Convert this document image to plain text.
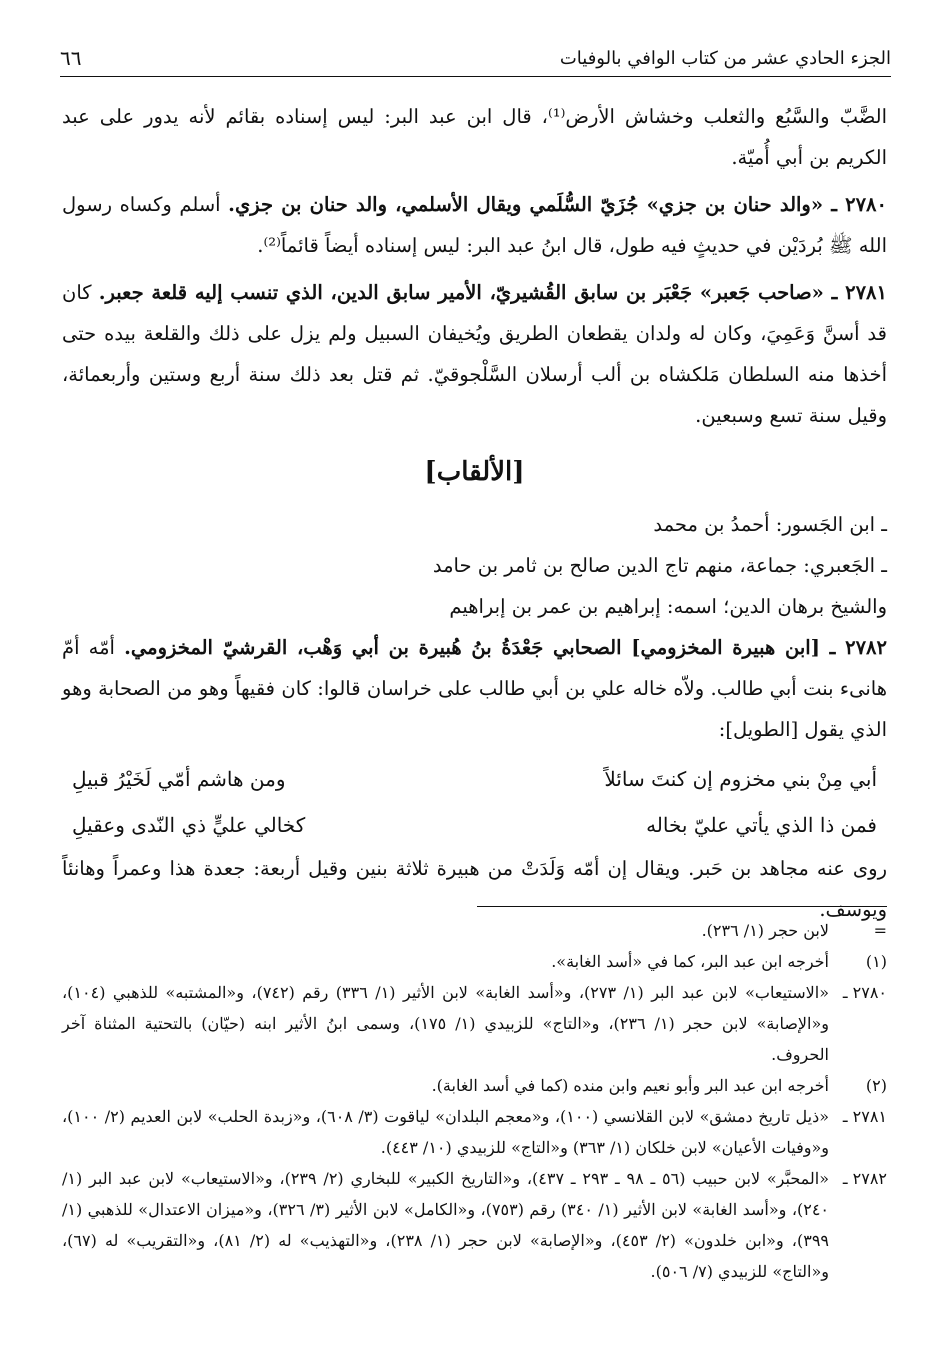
الجزء الحادي عشر من كتاب الوافي بالوفيات
٦٦

الضَّبّ والسَّبُع والثعلب وخشاش الأرض⁽¹⁾، قال ابن عبد البر: ليس إسناده بقائم لأنه يدور على عبد الكريم بن أبي أُميّة.

٢٧٨٠ ـ «والد حنان بن جزي» جُزَيّ السُّلَمي ويقال الأسلمي، والد حنان بن جزي. أسلم وكساه رسول الله ﷺ بُردَيْن في حديثٍ فيه طول، قال ابنُ عبد البر: ليس إسناده أيضاً قائماً⁽²⁾.

٢٧٨١ ـ «صاحب جَعبر» جَعْبَر بن سابق القُشيريّ، الأمير سابق الدين، الذي تنسب إليه قلعة جعبر. كان قد أسنَّ وَعَمِيَ، وكان له ولدان يقطعان الطريق ويُخيفان السبيل ولم يزل على ذلك والقلعة بيده حتى أخذها منه السلطان مَلكشاه بن ألب أرسلان السَّلْجوقيّ. ثم قتل بعد ذلك سنة أربع وستين وأربعمائة، وقيل سنة تسع وسبعين.

[الألقاب]
ـ ابن الجَسور: أحمدُ بن محمد
ـ الجَعبري: جماعة، منهم تاج الدين صالح بن ثامر بن حامد
والشيخ برهان الدين؛ اسمه: إبراهيم بن عمر بن إبراهيم

٢٧٨٢ ـ [ابن هبيرة المخزومي] الصحابي جَعْدَةُ بنُ هُبيرة بن أبي وَهْب، القرشيّ المخزومي. أمّه أمّ هانىء بنت أبي طالب. ولاّه خاله علي بن أبي طالب على خراسان قالوا: كان فقيهاً وهو من الصحابة وهو الذي يقول [الطويل]:

أبي مِنْ بني مخزوم إن كنتَ سائلاً
ومن هاشم أمّي لَخَيْرُ قبيلِ
فمن ذا الذي يأتي عليّ بخاله
كخالي عليٍّ ذي النّدى وعقيلِ

روى عنه مجاهد بن حَبر. ويقال إن أمّه وَلَدَتْ من هبيرة ثلاثة بنين وقيل أربعة: جعدة هذا وعمراً وهانئاً ويوسف.

=
لابن حجر (١/ ٢٣٦).
(١)
أخرجه ابن عبد البر، كما في «أسد الغابة».
٢٧٨٠ ـ
«الاستيعاب» لابن عبد البر (١/ ٢٧٣)، و«أسد الغابة» لابن الأثير (١/ ٣٣٦) رقم (٧٤٢)، و«المشتبه» للذهبي (١٠٤)، و«الإصابة» لابن حجر (١/ ٢٣٦)، و«التاج» للزبيدي (١/ ١٧٥)، وسمى ابنُ الأثير ابنه (حيّان) بالتحتية المثناة آخر الحروف.
(٢)
أخرجه ابن عبد البر وأبو نعيم وابن منده (كما في أسد الغابة).
٢٧٨١ ـ
«ذيل تاريخ دمشق» لابن القلانسي (١٠٠)، و«معجم البلدان» لياقوت (٣/ ٦٠٨)، و«زبدة الحلب» لابن العديم (٢/ ١٠٠)، و«وفيات الأعيان» لابن خلكان (١/ ٣٦٣) و«التاج» للزبيدي (١٠/ ٤٤٣).
٢٧٨٢ ـ
«المحبَّر» لابن حبيب (٥٦ ـ ٩٨ ـ ٢٩٣ ـ ٤٣٧)، و«التاريخ الكبير» للبخاري (٢/ ٢٣٩)، و«الاستيعاب» لابن عبد البر (١/ ٢٤٠)، و«أسد الغابة» لابن الأثير (١/ ٣٤٠) رقم (٧٥٣)، و«الكامل» لابن الأثير (٣/ ٣٢٦)، و«ميزان الاعتدال» للذهبي (١/ ٣٩٩)، و«ابن خلدون» (٢/ ٤٥٣)، و«الإصابة» لابن حجر (١/ ٢٣٨)، و«التهذيب» له (٢/ ٨١)، و«التقريب» له (٦٧)، و«التاج» للزبيدي (٧/ ٥٠٦).
